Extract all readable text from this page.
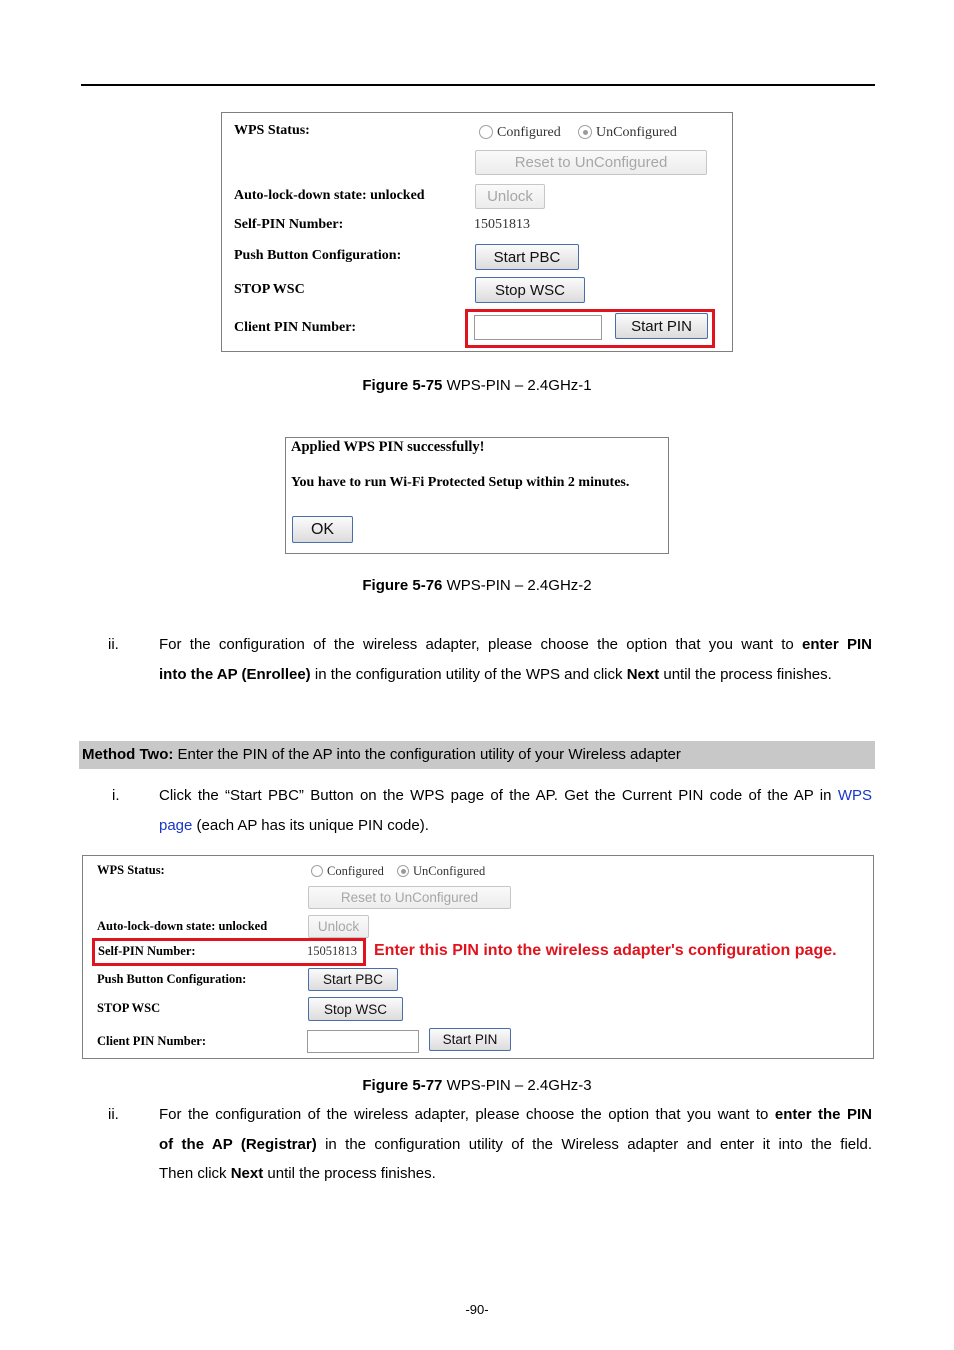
WPS Status:	Configured	UnConfigured
Reset to UnConfigured
Auto-lock-down state: unlocked	Unlock
Self-PIN Number:	15051813
Push Button Configuration:	Start PBC
STOP WSC	Stop WSC
Client PIN Number:	Start PIN
Figure 5-75 WPS-PIN – 2.4GHz-1
Applied WPS PIN successfully!
You have to run Wi-Fi Protected Setup within 2 minutes.
OK
Figure 5-76 WPS-PIN – 2.4GHz-2
ii.	For the configuration of the wireless adapter, please choose the option that you want to enter PIN
into the AP (Enrollee) in the configuration utility of the WPS and click Next until the process finishes.
Method Two: Enter the PIN of the AP into the configuration utility of your Wireless adapter
i.	Click the “Start PBC” Button on the WPS page of the AP. Get the Current PIN code of the AP in WPS
page (each AP has its unique PIN code).
WPS Status:	Configured UnConfigured
Reset to UnConfigured
Auto-lock-down state: unlocked	Unlock
Self-PIN Number:	15051813 Enter this PIN into the wireless adapter's configuration page.
Push Button Configuration:	Start PBC
STOP WSC	Stop WSC
Client PIN Number:	Start PIN
Figure 5-77 WPS-PIN – 2.4GHz-3
ii.	For the configuration of the wireless adapter, please choose the option that you want to enter the PIN
of the AP (Registrar) in the configuration utility of the Wireless adapter and enter it into the field.
Then click Next until the process finishes.
-90-
